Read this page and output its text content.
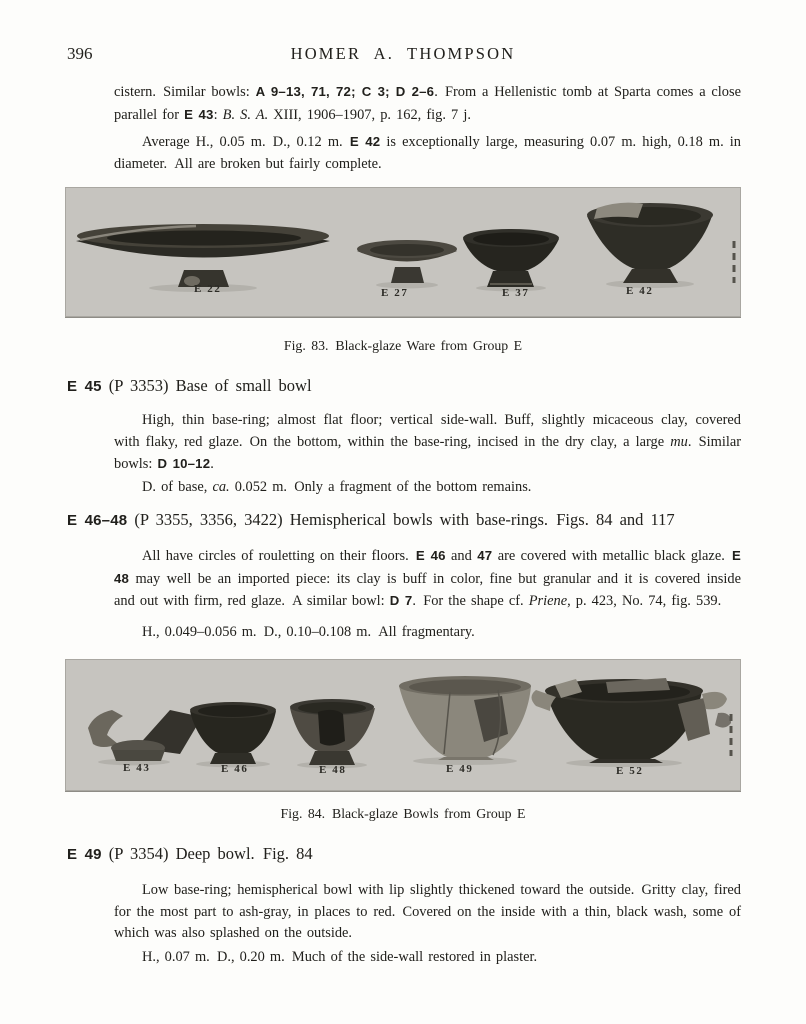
396	HOMER A. THOMPSON

cistern. Similar bowls: A 9–13, 71, 72; C 3; D 2–6. From a Hellenistic tomb at Sparta comes a close parallel for E 43: B. S. A. XIII, 1906–1907, p. 162, fig. 7 j.

Average H., 0.05 m. D., 0.12 m. E 42 is exceptionally large, measuring 0.07 m. high, 0.18 m. in diameter. All are broken but fairly complete.

E 22	E 27	E 37	E 42

Fig. 83. Black-glaze Ware from Group E

E 45 (P 3353) Base of small bowl

High, thin base-ring; almost flat floor; vertical side-wall. Buff, slightly micaceous clay, covered with flaky, red glaze. On the bottom, within the base-ring, incised in the dry clay, a large mu. Similar bowls: D 10–12.

D. of base, ca. 0.052 m. Only a fragment of the bottom remains.

E 46–48 (P 3355, 3356, 3422) Hemispherical bowls with base-rings. Figs. 84 and 117

All have circles of rouletting on their floors. E 46 and 47 are covered with metallic black glaze. E 48 may well be an imported piece: its clay is buff in color, fine but granular and it is covered inside and out with firm, red glaze. A similar bowl: D 7. For the shape cf. Priene, p. 423, No. 74, fig. 539.

H., 0.049–0.056 m. D., 0.10–0.108 m. All fragmentary.

E 43	E 46	E 48	E 49	E 52

Fig. 84. Black-glaze Bowls from Group E

E 49 (P 3354) Deep bowl. Fig. 84

Low base-ring; hemispherical bowl with lip slightly thickened toward the outside. Gritty clay, fired for the most part to ash-gray, in places to red. Covered on the inside with a thin, black wash, some of which was also splashed on the outside.

H., 0.07 m. D., 0.20 m. Much of the side-wall restored in plaster.
